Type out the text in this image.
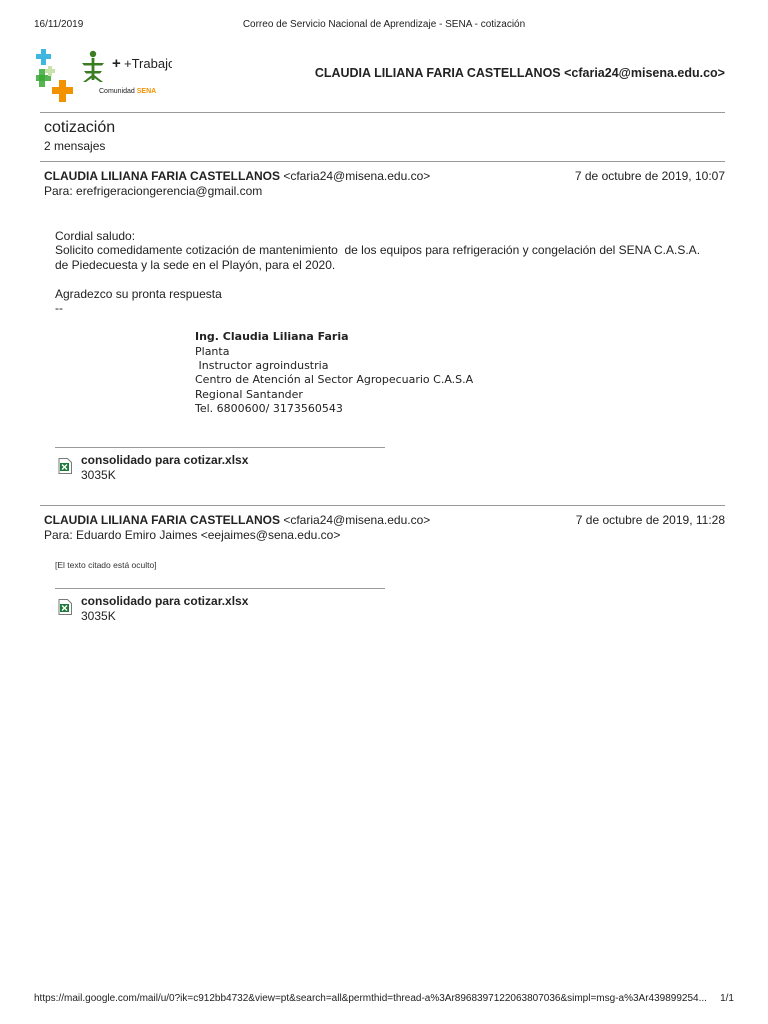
16/11/2019	Correo de Servicio Nacional de Aprendizaje - SENA - cotización
+ +Trabajo
Comunidad SENA
CLAUDIA LILIANA FARIA CASTELLANOS <cfaria24@misena.edu.co>
cotización
2 mensajes
CLAUDIA LILIANA FARIA CASTELLANOS <cfaria24@misena.edu.co>	7 de octubre de 2019, 10:07
Para: erefrigeraciongerencia@gmail.com
Cordial saludo:
Solicito comedidamente cotización de mantenimiento  de los equipos para refrigeración y congelación del SENA C.A.S.A.
de Piedecuesta y la sede en el Playón, para el 2020.
Agradezco su pronta respuesta
--
Ing. Claudia Liliana Faria
Planta
Instructor agroindustria
Centro de Atención al Sector Agropecuario C.A.S.A
Regional Santander
Tel. 6800600/ 3173560543
consolidado para cotizar.xlsx
3035K
CLAUDIA LILIANA FARIA CASTELLANOS <cfaria24@misena.edu.co>	7 de octubre de 2019, 11:28
Para: Eduardo Emiro Jaimes <eejaimes@sena.edu.co>
[El texto citado está oculto]
consolidado para cotizar.xlsx
3035K
https://mail.google.com/mail/u/0?ik=c912bb4732&view=pt&search=all&permthid=thread-a%3Ar8968397122063807036&simpl=msg-a%3Ar439899254...	1/1
